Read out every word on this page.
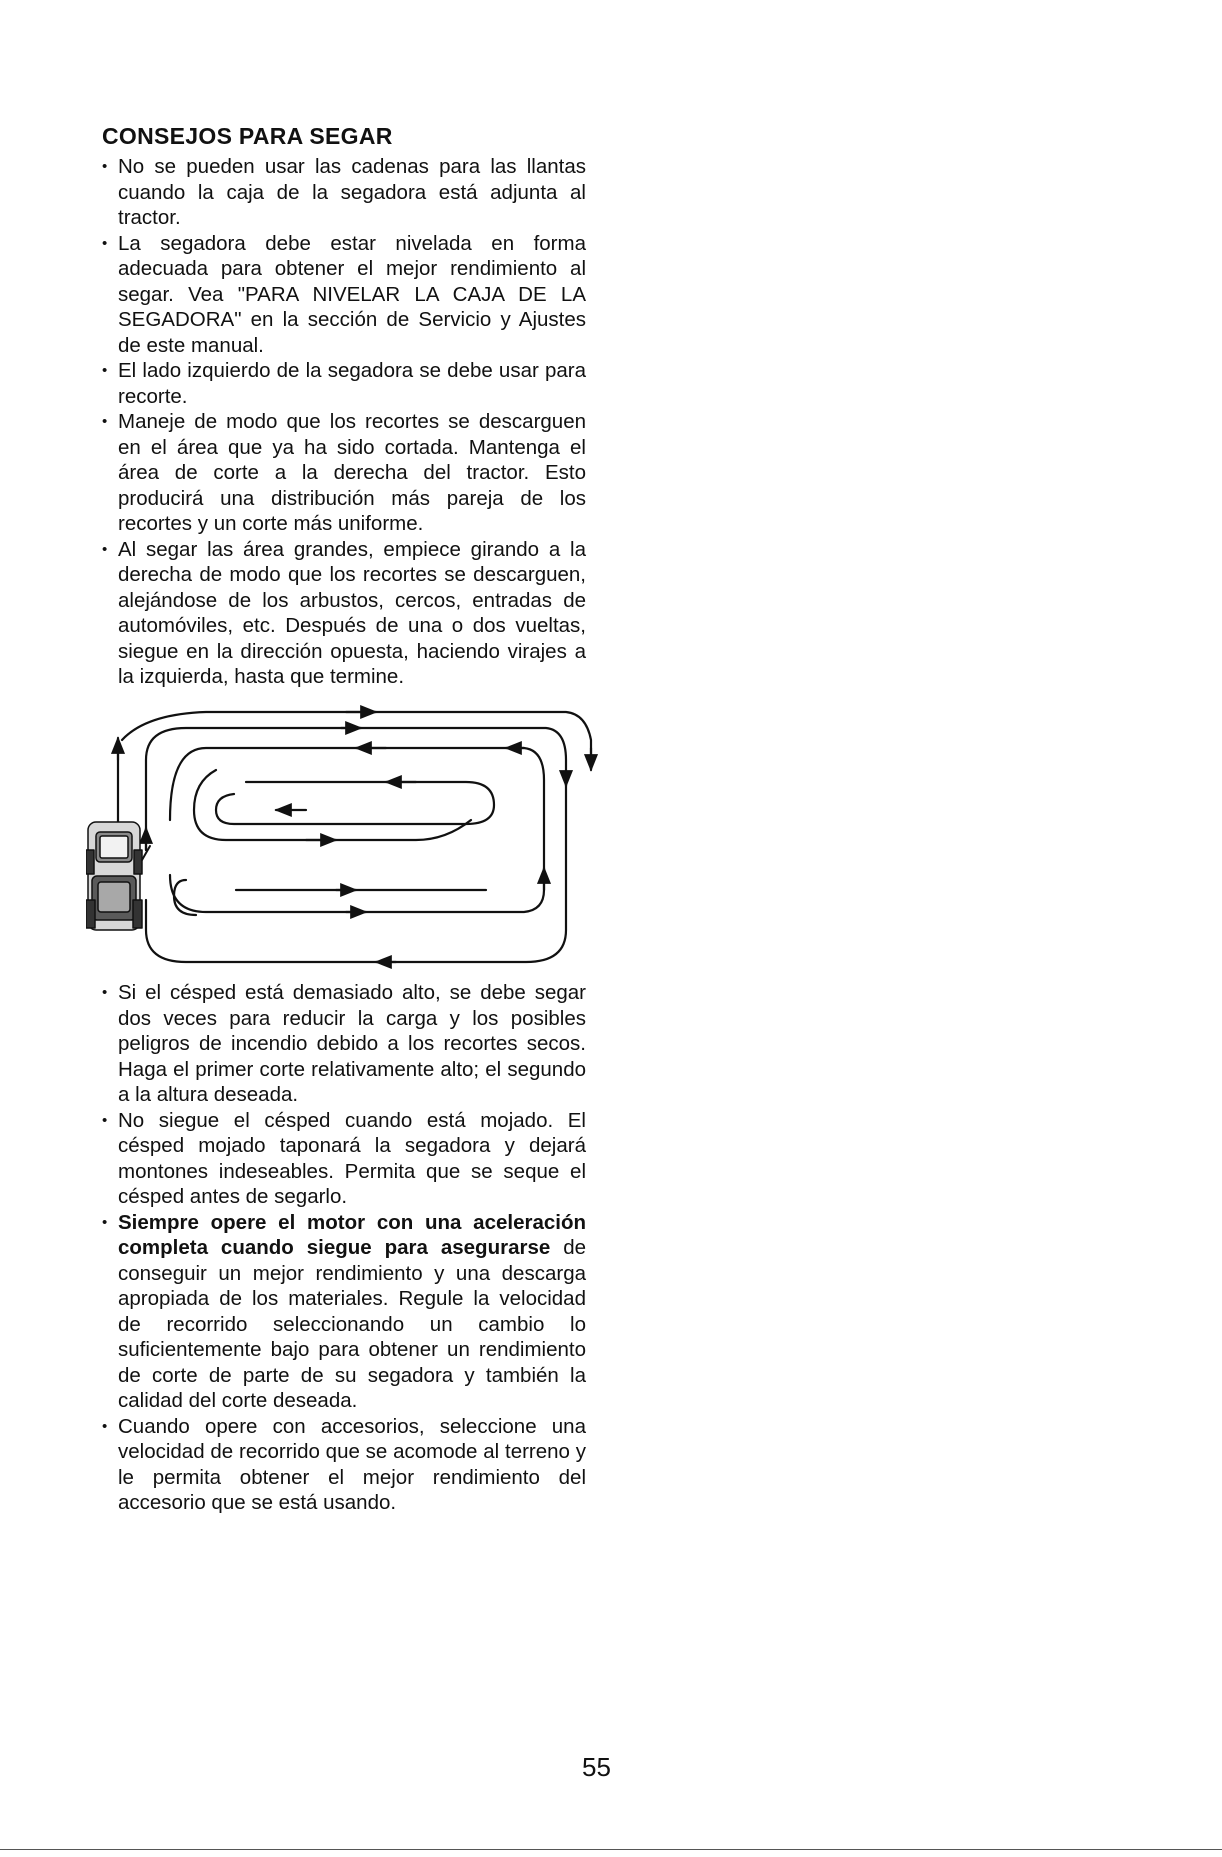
CONSEJOS PARA SEGAR
• No se pueden usar las cadenas para las llantas cuando la caja de la segadora está adjunta al tractor.
• La segadora debe estar nivelada en forma adecuada para obtener el mejor rendimiento al segar. Vea "PARA NIVELAR LA CAJA DE LA SEGADORA" en la sección de Servicio y Ajustes de este manual.
• El lado izquierdo de la segadora se debe usar para recorte.
• Maneje de modo que los recortes se descarguen en el área que ya ha sido cortada. Mantenga el área de corte a la derecha del tractor. Esto producirá una distribución más pareja de los recortes y un corte más uniforme.
• Al segar las área grandes, empiece girando a la derecha de modo que los recortes se descarguen, alejándose de los arbustos, cercos, entradas de automóviles, etc. Después de una o dos vueltas, siegue en la dirección opuesta, haciendo virajes a la izquierda, hasta que termine.
• Si el césped está demasiado alto, se debe segar dos veces para reducir la carga y los posibles peligros de incendio debido a los recortes secos. Haga el primer corte relativamente alto; el segundo a la altura deseada.
• No siegue el césped cuando está mojado. El césped mojado taponará la segadora y dejará montones indeseables. Permita que se seque el césped antes de segarlo.
• Siempre opere el motor con una aceleración completa cuando siegue para asegurarse de conseguir un mejor rendimiento y una descarga apropiada de los materiales. Regule la velocidad de recorrido seleccionando un cambio lo suficientemente bajo para obtener un rendimiento de corte de parte de su segadora y también la calidad del corte deseada.
• Cuando opere con accesorios, seleccione una velocidad de recorrido que se acomode al terreno y le permita obtener el mejor rendimiento del accesorio que se está usando.
55
